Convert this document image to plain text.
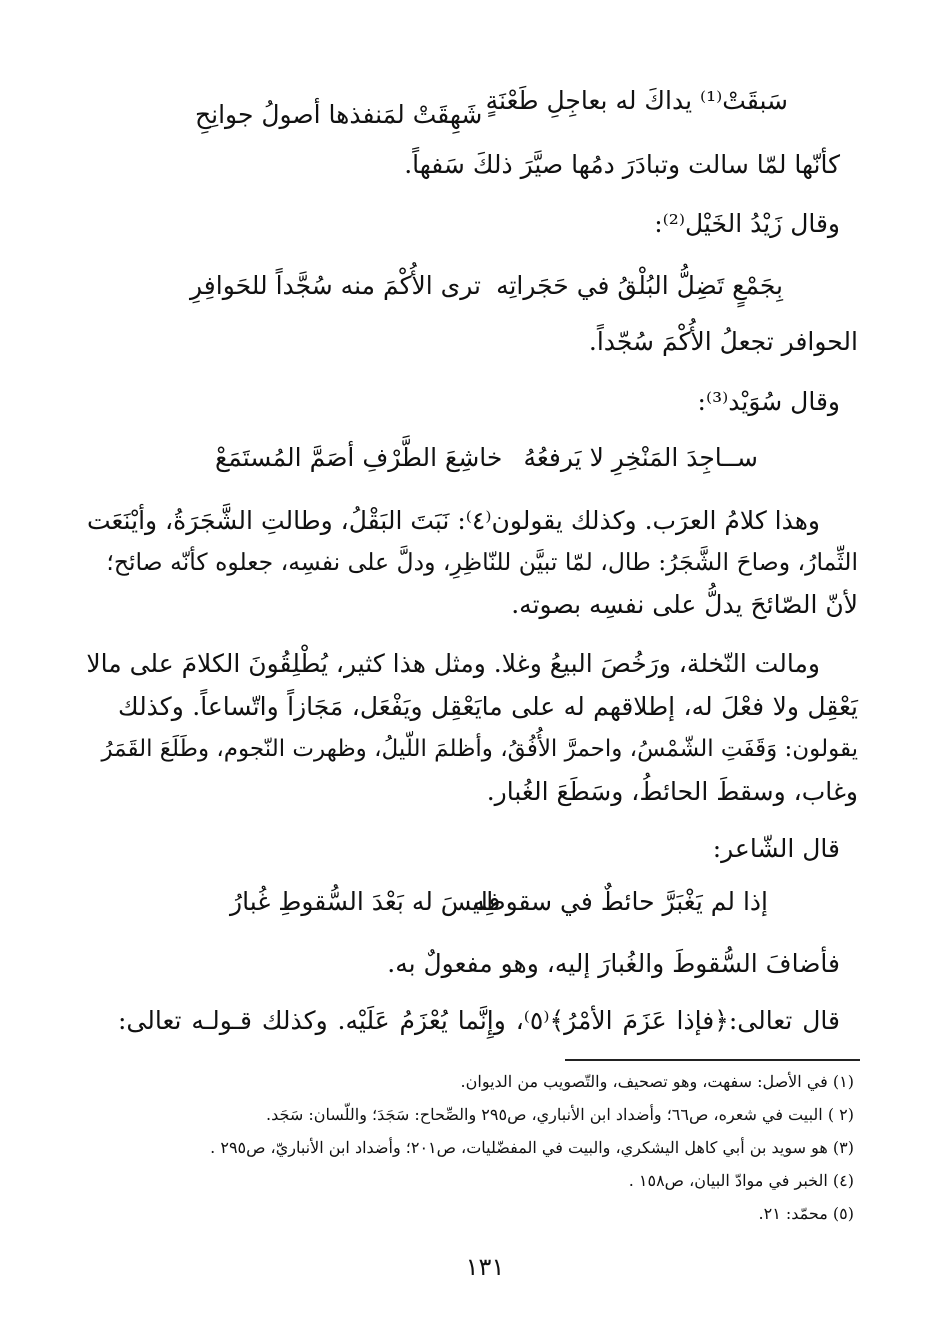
سَبقَتْ⁽¹⁾ يداكَ له بعاجِلِ طَعْنَةٍ
شَهِقَتْ لمَنفذها أصولُ جوانِحِ
كأنّها لمّا سالت وتبادَرَ دمُها صيَّرَ ذلكَ سَفهاً.
وقال زَيْدُ الخَيْل⁽²⁾:
بِجَمْعٍ تَضِلُّ البُلْقُ في حَجَراتِه
ترى الأُكْمَ منه سُجَّداً للحَوافِرِ
الحوافر تجعلُ الأُكْمَ سُجّداً.
وقال سُوَيْد⁽³⁾:
ســاجِدَ المَنْخِرِ لا يَرفعُهُ
خاشِعَ الطَّرْفِ أصَمَّ المُستَمَعْ
وهذا كلامُ العرَب. وكذلك يقولون⁽٤⁾: نَبَتَ البَقْلُ، وطالتِ الشَّجَرَةُ، وأيْنَعَت
الثِّمارُ، وصاحَ الشَّجَرُ: طال، لمّا تبيَّن للنّاظِرِ، ودلَّ على نفسِه، جعلوه كأنّه صائح؛
لأنّ الصّائحَ يدلُّ على نفسِه بصوته.
ومالت النّخلة، ورَخُصَ البيعُ وغلا. ومثل هذا كثير، يُطْلِقُونَ الكلامَ على مالا
يَعْقِل ولا فعْلَ له، إطلاقهم له على مايَعْقِل ويَفْعَل، مَجَازاً واتّساعاً. وكذلك
يقولون: وَقَفَتِ الشّمْسُ، واحمرَّ الأُفُقُ، وأظلمَ اللّيلُ، وظهرت النّجوم، وطَلَعَ القَمَرُ
وغاب، وسقطَ الحائطُ، وسَطَعَ الغُبار.
قال الشّاعر:
إذا لم يَغْبَرَّ حائطٌ في سقوطِه
فليسَ له بَعْدَ السُّقوطِ غُبارُ
فأضافَ السُّقوطَ والغُبارَ إليه، وهو مفعولٌ به.
قال تعالى:﴿فإذا عَزَمَ الأمْرُ﴾⁽٥⁾، وإِنَّما يُعْزَمُ عَلَيْه. وكذلك قـولـه تعالى:
(١) في الأصل: سفهت، وهو تصحيف، والتّصويب من الديوان.
(٢ ) البيت في شعره، ص٦٦؛ وأضداد ابن الأنباري، ص٢٩٥ والصِّحاح: سَجَدَ؛ واللّسان: سَجَد.
(٣) هو سويد بن أبي كاهل اليشكري، والبيت في المفضّليات، ص٢٠١؛ وأضداد ابن الأنباريّ، ص٢٩٥ .
(٤) الخبر في موادّ البيان، ص١٥٨ .
(٥) محمّد: ٢١.
١٣١
